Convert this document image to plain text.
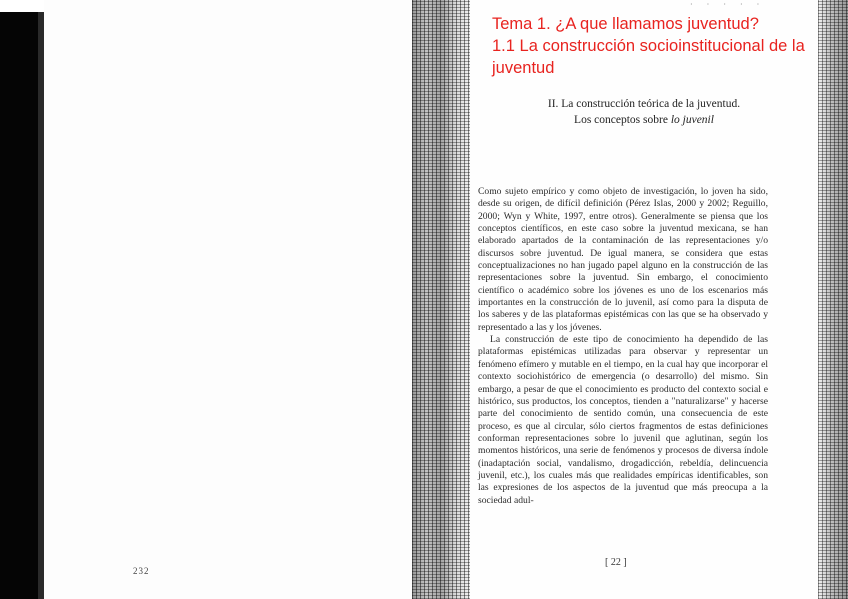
232
· · · · ·
Tema 1. ¿A que llamamos juventud?
1.1 La construcción socioinstitucional de la
juventud
II. La construcción teórica de la juventud.
Los conceptos sobre lo juvenil

Como sujeto empírico y como objeto de investigación, lo joven ha sido, desde su origen, de difícil definición (Pérez Islas, 2000 y 2002; Reguillo, 2000; Wyn y White, 1997, entre otros). Generalmente se piensa que los conceptos científicos, en este caso sobre la juventud mexicana, se han elaborado apartados de la contaminación de las representaciones y/o discursos sobre juventud. De igual manera, se considera que estas conceptualizaciones no han jugado papel alguno en la construcción de las representaciones sobre la juventud. Sin embargo, el conocimiento científico o académico sobre los jóvenes es uno de los escenarios más importantes en la construcción de lo juvenil, así como para la disputa de los saberes y de las plataformas epistémicas con las que se ha observado y representado a las y los jóvenes.

La construcción de este tipo de conocimiento ha dependido de las plataformas epistémicas utilizadas para observar y representar un fenómeno efímero y mutable en el tiempo, en la cual hay que incorporar el contexto sociohistórico de emergencia (o desarrollo) del mismo. Sin embargo, a pesar de que el conocimiento es producto del contexto social e histórico, sus productos, los conceptos, tienden a "naturalizarse" y hacerse parte del conocimiento de sentido común, una consecuencia de este proceso, es que al circular, sólo ciertos fragmentos de estas definiciones conforman representaciones sobre lo juvenil que aglutinan, según los momentos históricos, una serie de fenómenos y procesos de diversa índole (inadaptación social, vandalismo, drogadicción, rebeldía, delincuencia juvenil, etc.), los cuales más que realidades empíricas identificables, son las expresiones de los aspectos de la juventud que más preocupa a la sociedad adul-

[ 22 ]
